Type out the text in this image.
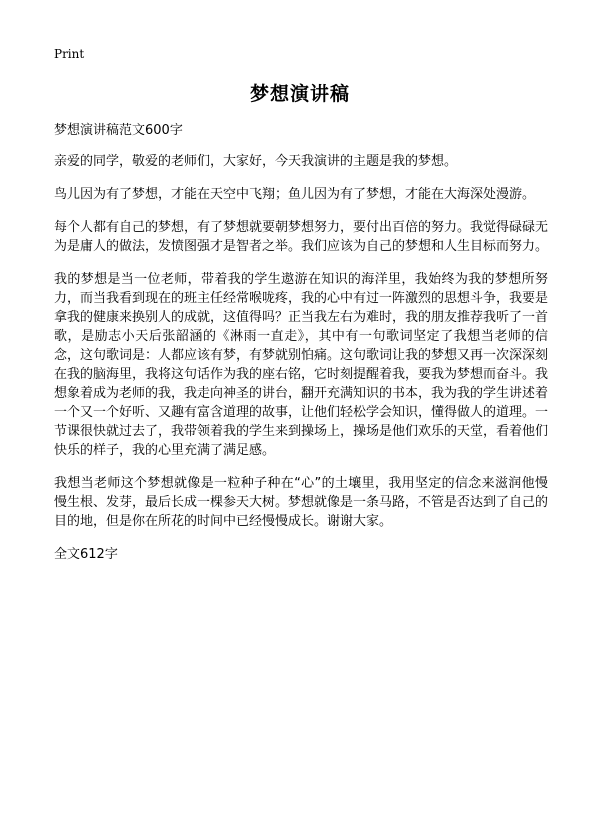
Print
梦想演讲稿

梦想演讲稿范文600字

亲爱的同学，敬爱的老师们，大家好，今天我演讲的主题是我的梦想。

鸟儿因为有了梦想，才能在天空中飞翔；鱼儿因为有了梦想，才能在大海深处漫游。

每个人都有自己的梦想，有了梦想就要朝梦想努力，要付出百倍的努力。我觉得碌碌无为是庸人的做法，发愤图强才是智者之举。我们应该为自己的梦想和人生目标而努力。

我的梦想是当一位老师，带着我的学生遨游在知识的海洋里，我始终为我的梦想所努力，而当我看到现在的班主任经常喉咙疼，我的心中有过一阵激烈的思想斗争，我要是拿我的健康来换别人的成就，这值得吗？正当我左右为难时，我的朋友推荐我听了一首歌，是励志小天后张韶涵的《淋雨一直走》，其中有一句歌词坚定了我想当老师的信念，这句歌词是：人都应该有梦，有梦就别怕痛。这句歌词让我的梦想又再一次深深刻在我的脑海里，我将这句话作为我的座右铭，它时刻提醒着我，要我为梦想而奋斗。我想象着成为老师的我，我走向神圣的讲台，翻开充满知识的书本，我为我的学生讲述着一个又一个好听、又趣有富含道理的故事，让他们轻松学会知识，懂得做人的道理。一节课很快就过去了，我带领着我的学生来到操场上，操场是他们欢乐的天堂，看着他们快乐的样子，我的心里充满了满足感。

我想当老师这个梦想就像是一粒种子种在“心”的土壤里，我用坚定的信念来滋润他慢慢生根、发芽，最后长成一棵参天大树。梦想就像是一条马路，不管是否达到了自己的目的地，但是你在所花的时间中已经慢慢成长。谢谢大家。

全文612字
